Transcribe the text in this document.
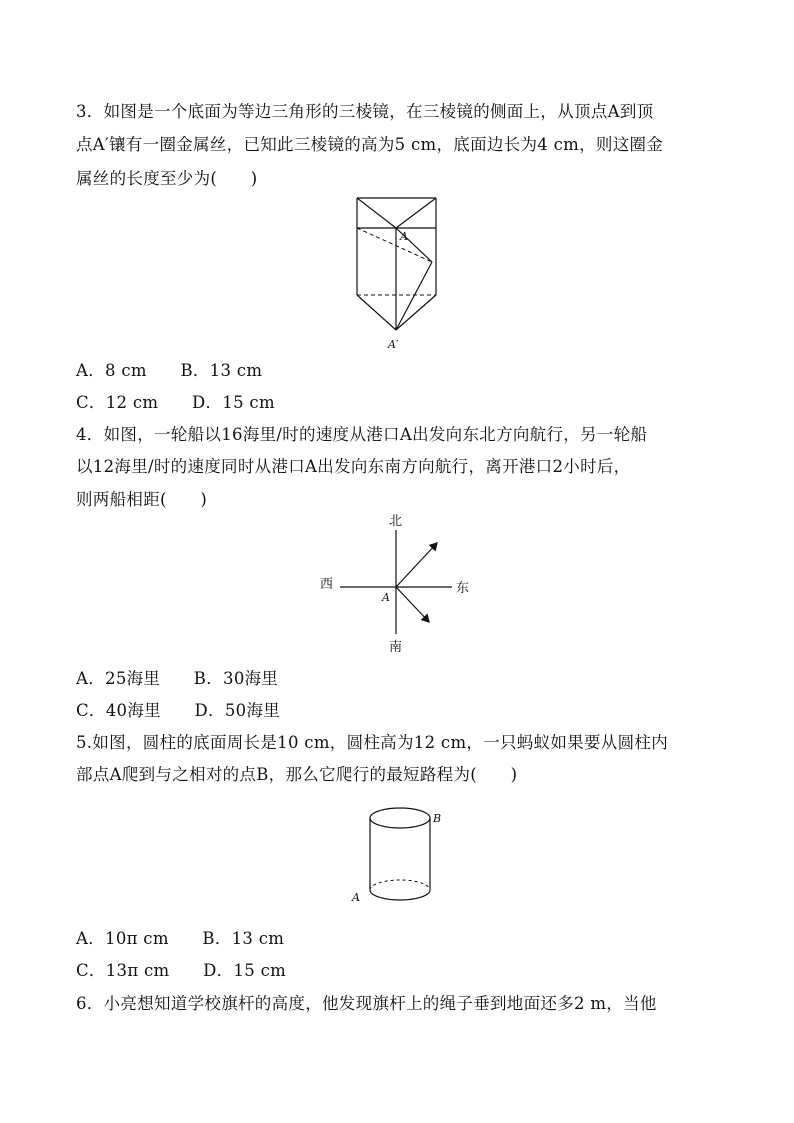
3．如图是一个底面为等边三角形的三棱镜，在三棱镜的侧面上，从顶点A到顶
点A′镶有一圈金属丝，已知此三棱镜的高为5 cm，底面边长为4 cm，则这圈金
属丝的长度至少为(　　)
A
A′
A．8 cm　　B．13 cm
C．12 cm　　D．15 cm
4．如图，一轮船以16海里/时的速度从港口A出发向东北方向航行，另一轮船
以12海里/时的速度同时从港口A出发向东南方向航行，离开港口2小时后，
则两船相距(　　)
北
南
东
西
A
A．25海里　　B．30海里
C．40海里　　D．50海里
5.如图，圆柱的底面周长是10 cm，圆柱高为12 cm，一只蚂蚁如果要从圆柱内
部点A爬到与之相对的点B，那么它爬行的最短路程为(　　)
B
A
A．10π cm　　B．13 cm
C．13π cm　　D．15 cm
6．小亮想知道学校旗杆的高度，他发现旗杆上的绳子垂到地面还多2 m，当他
